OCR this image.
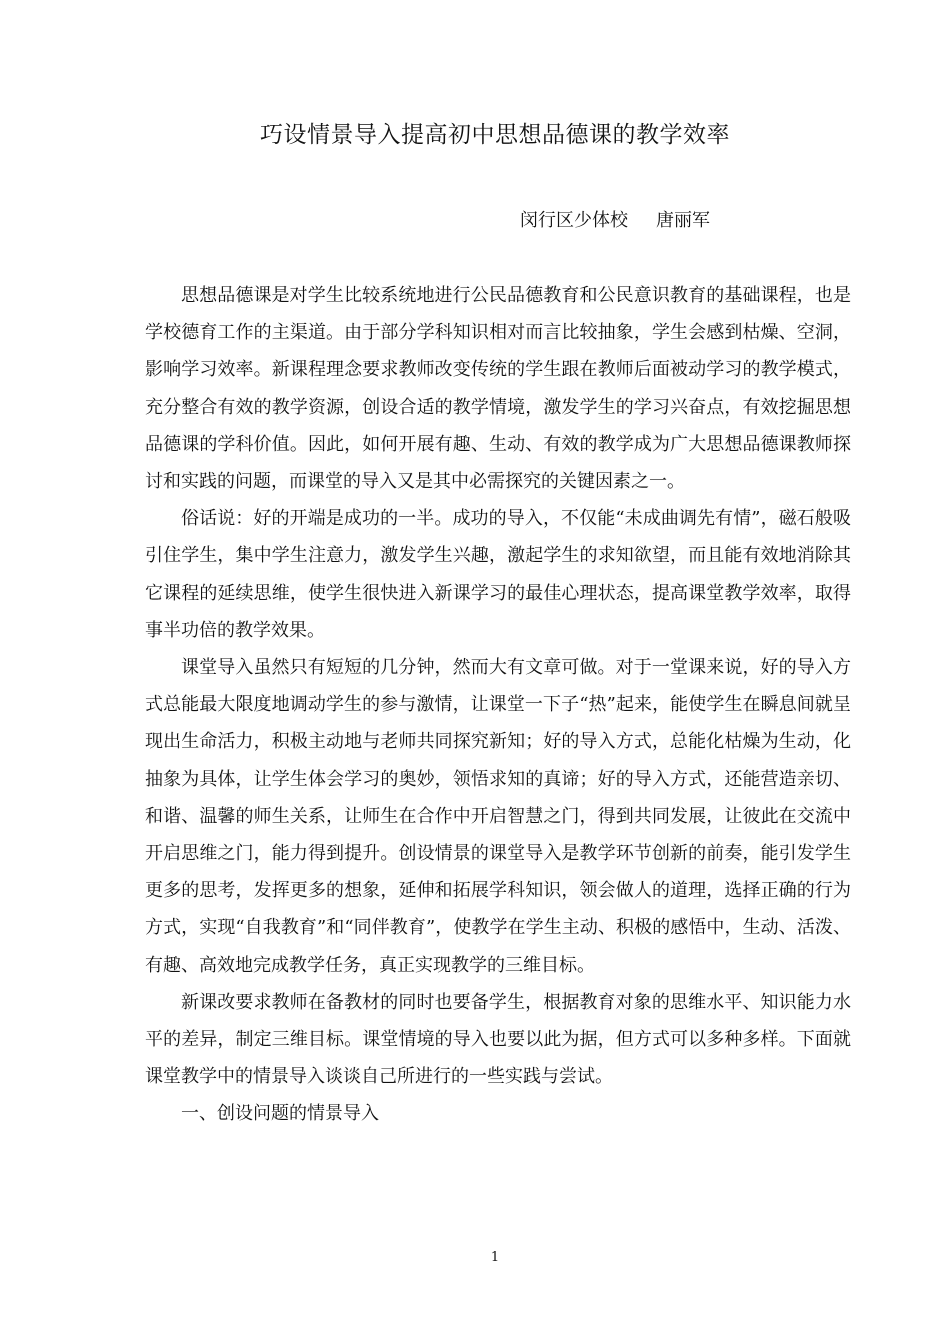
巧设情景导入提高初中思想品德课的教学效率
闵行区少体校 唐丽军

思想品德课是对学生比较系统地进行公民品德教育和公民意识教育的基础课程，也是学校德育工作的主渠道。由于部分学科知识相对而言比较抽象，学生会感到枯燥、空洞，影响学习效率。新课程理念要求教师改变传统的学生跟在教师后面被动学习的教学模式，充分整合有效的教学资源，创设合适的教学情境，激发学生的学习兴奋点，有效挖掘思想品德课的学科价值。因此，如何开展有趣、生动、有效的教学成为广大思想品德课教师探讨和实践的问题，而课堂的导入又是其中必需探究的关键因素之一。

俗话说：好的开端是成功的一半。成功的导入，不仅能“未成曲调先有情”，磁石般吸引住学生，集中学生注意力，激发学生兴趣，激起学生的求知欲望，而且能有效地消除其它课程的延续思维，使学生很快进入新课学习的最佳心理状态，提高课堂教学效率，取得事半功倍的教学效果。

课堂导入虽然只有短短的几分钟，然而大有文章可做。对于一堂课来说，好的导入方式总能最大限度地调动学生的参与激情，让课堂一下子“热”起来，能使学生在瞬息间就呈现出生命活力，积极主动地与老师共同探究新知；好的导入方式，总能化枯燥为生动，化抽象为具体，让学生体会学习的奥妙，领悟求知的真谛；好的导入方式，还能营造亲切、和谐、温馨的师生关系，让师生在合作中开启智慧之门，得到共同发展，让彼此在交流中开启思维之门，能力得到提升。创设情景的课堂导入是教学环节创新的前奏，能引发学生更多的思考，发挥更多的想象，延伸和拓展学科知识，领会做人的道理，选择正确的行为方式，实现“自我教育”和“同伴教育”，使教学在学生主动、积极的感悟中，生动、活泼、有趣、高效地完成教学任务，真正实现教学的三维目标。

新课改要求教师在备教材的同时也要备学生，根据教育对象的思维水平、知识能力水平的差异，制定三维目标。课堂情境的导入也要以此为据，但方式可以多种多样。下面就课堂教学中的情景导入谈谈自己所进行的一些实践与尝试。

一、创设问题的情景导入

1
